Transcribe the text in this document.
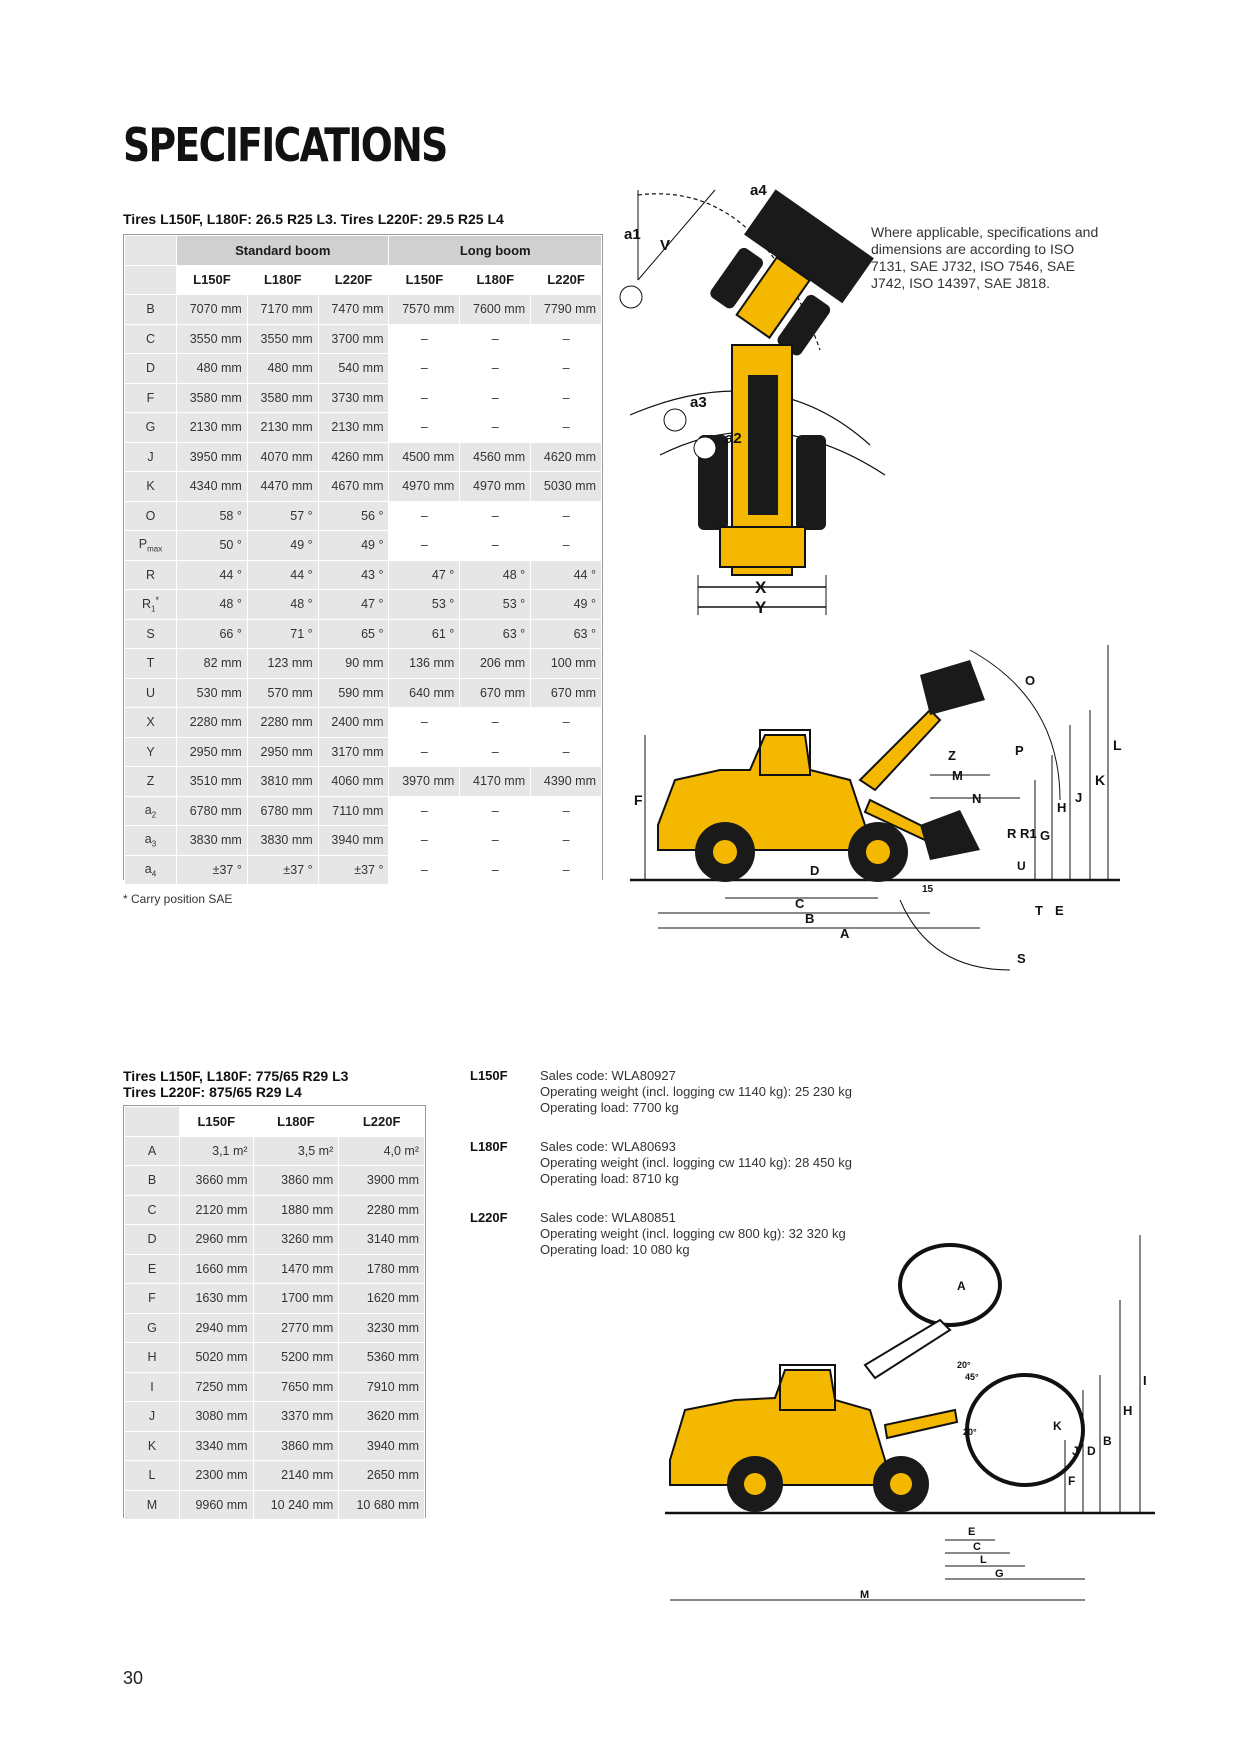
SPECIFICATIONS
Tires L150F, L180F: 26.5 R25 L3. Tires L220F: 29.5 R25 L4
	Standard boom			Long boom		
	L150F	L180F	L220F	L150F	L180F	L220F
B	7070 mm	7170 mm	7470 mm	7570 mm	7600 mm	7790 mm
C	3550 mm	3550 mm	3700 mm	–	–	–
D	480 mm	480 mm	540 mm	–	–	–
F	3580 mm	3580 mm	3730 mm	–	–	–
G	2130 mm	2130 mm	2130 mm	–	–	–
J	3950 mm	4070 mm	4260 mm	4500 mm	4560 mm	4620 mm
K	4340 mm	4470 mm	4670 mm	4970 mm	4970 mm	5030 mm
O	58 °	57 °	56 °	–	–	–
$P_{max}$	50 °	49 °	49 °	–	–	–
R	44 °	44 °	43 °	47 °	48 °	44 °
$R_1^*$	48 °	48 °	47 °	53 °	53 °	49 °
S	66 °	71 °	65 °	61 °	63 °	63 °
T	82 mm	123 mm	90 mm	136 mm	206 mm	100 mm
U	530 mm	570 mm	590 mm	640 mm	670 mm	670 mm
X	2280 mm	2280 mm	2400 mm	–	–	–
Y	2950 mm	2950 mm	3170 mm	–	–	–
Z	3510 mm	3810 mm	4060 mm	3970 mm	4170 mm	4390 mm
$a_2$	6780 mm	6780 mm	7110 mm	–	–	–
$a_3$	3830 mm	3830 mm	3940 mm	–	–	–
$a_4$	±37 °	±37 °	±37 °	–	–	–
* Carry position SAE
Where applicable, specifications and dimensions are according to ISO 7131, SAE J732, ISO 7546, SAE J742, ISO 14397, SAE J818.
a4
a1
V
a3
a2
X
Y
O
L
Z	P
K
M
N
H
J
F
R R1 G
D	U
15
C	T E
B
A
S
Tires L150F, L180F: 775/65 R29 L3
Tires L220F: 875/65 R29 L4
	L150F	L180F	L220F
A	3,1 m²	3,5 m²	4,0 m²
B	3660 mm	3860 mm	3900 mm
C	2120 mm	1880 mm	2280 mm
D	2960 mm	3260 mm	3140 mm
E	1660 mm	1470 mm	1780 mm
F	1630 mm	1700 mm	1620 mm
G	2940 mm	2770 mm	3230 mm
H	5020 mm	5200 mm	5360 mm
I	7250 mm	7650 mm	7910 mm
J	3080 mm	3370 mm	3620 mm
K	3340 mm	3860 mm	3940 mm
L	2300 mm	2140 mm	2650 mm
M	9960 mm	10 240 mm	10 680 mm
L150F Sales code: WLA80927
Operating weight (incl. logging cw 1140 kg): 25 230 kg
Operating load: 7700 kg
L180F Sales code: WLA80693
Operating weight (incl. logging cw 1140 kg): 28 450 kg
Operating load: 8710 kg
L220F Sales code: WLA80851
Operating weight (incl. logging cw 800 kg): 32 320 kg
Operating load: 10 080 kg
A
I
20°
45°
H
20°	K
B
J D
F
E
C
L
G
M
30
